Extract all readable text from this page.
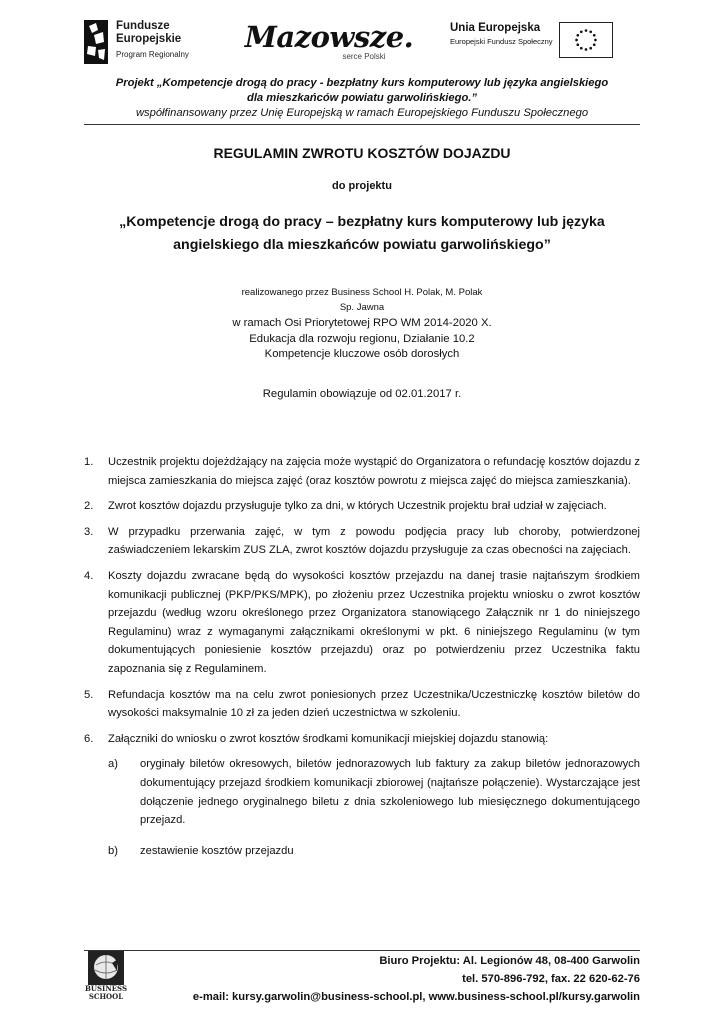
Fundusze
Europejskie
Program Regionalny
Mazowsze.
serce Polski
Unia Europejska
Europejski Fundusz Społeczny
Projekt „Kompetencje drogą do pracy - bezpłatny kurs komputerowy lub języka angielskiego
dla mieszkańców powiatu garwolińskiego.”
współfinansowany przez Unię Europejską w ramach Europejskiego Funduszu Społecznego
REGULAMIN ZWROTU KOSZTÓW DOJAZDU
do projektu
„Kompetencje drogą do pracy – bezpłatny kurs komputerowy lub języka
angielskiego dla mieszkańców powiatu garwolińskiego”
realizowanego przez Business School H. Polak, M. Polak
Sp. Jawna
w ramach Osi Priorytetowej RPO WM 2014-2020 X.
Edukacja dla rozwoju regionu, Działanie 10.2
Kompetencje kluczowe osób dorosłych
Regulamin obowiązuje od 02.01.2017 r.
1. Uczestnik projektu dojeżdżający na zajęcia może wystąpić do Organizatora o refundację kosztów dojazdu z miejsca zamieszkania do miejsca zajęć (oraz kosztów powrotu z miejsca zajęć do miejsca zamieszkania).
2. Zwrot kosztów dojazdu przysługuje tylko za dni, w których Uczestnik projektu brał udział w zajęciach.
3. W przypadku przerwania zajęć, w tym z powodu podjęcia pracy lub choroby, potwierdzonej zaświadczeniem lekarskim ZUS ZLA, zwrot kosztów dojazdu przysługuje za czas obecności na zajęciach.
4. Koszty dojazdu zwracane będą do wysokości kosztów przejazdu na danej trasie najtańszym środkiem komunikacji publicznej (PKP/PKS/MPK), po złożeniu przez Uczestnika projektu wniosku o zwrot kosztów przejazdu (według wzoru określonego przez Organizatora stanowiącego Załącznik nr 1 do niniejszego Regulaminu) wraz z wymaganymi załącznikami określonymi w pkt. 6 niniejszego Regulaminu (w tym dokumentujących poniesienie kosztów przejazdu) oraz po potwierdzeniu przez Uczestnika faktu zapoznania się z Regulaminem.
5. Refundacja kosztów ma na celu zwrot poniesionych przez Uczestnika/Uczestniczkę kosztów biletów do wysokości maksymalnie 10 zł za jeden dzień uczestnictwa w szkoleniu.
6. Załączniki do wniosku o zwrot kosztów środkami komunikacji miejskiej dojazdu stanowią:
a) oryginały biletów okresowych, biletów jednorazowych lub faktury za zakup biletów jednorazowych dokumentujący przejazd środkiem komunikacji zbiorowej (najtańsze połączenie). Wystarczające jest dołączenie jednego oryginalnego biletu z dnia szkoleniowego lub miesięcznego dokumentującego przejazd.
b) zestawienie kosztów przejazdu
BUSINESS
SCHOOL
Biuro Projektu: Al. Legionów 48, 08-400 Garwolin
tel. 570-896-792, fax. 22 620-62-76
e-mail: kursy.garwolin@business-school.pl, www.business-school.pl/kursy.garwolin
